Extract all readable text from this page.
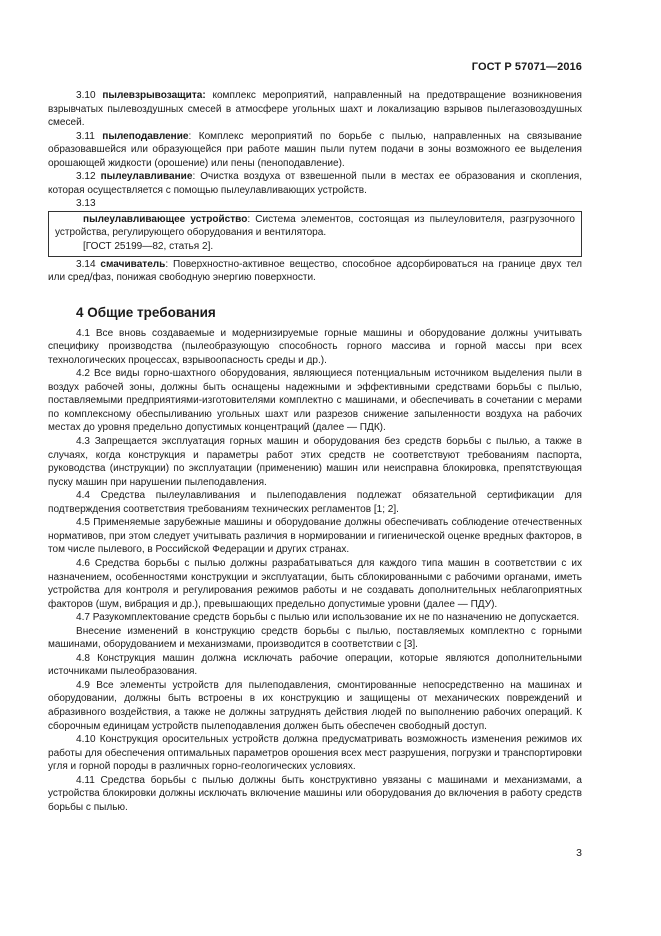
ГОСТ Р 57071—2016

3.10 пылевзрывозащита: комплекс мероприятий, направленный на предотвращение возникновения взрывчатых пылевоздушных смесей в атмосфере угольных шахт и локализацию взрывов пылегазовоздушных смесей.

3.11 пылеподавление: Комплекс мероприятий по борьбе с пылью, направленных на связывание образовавшейся или образующейся при работе машин пыли путем подачи в зоны возможного ее выделения орошающей жидкости (орошение) или пены (пеноподавление).

3.12 пылеулавливание: Очистка воздуха от взвешенной пыли в местах ее образования и скопления, которая осуществляется с помощью пылеулавливающих устройств.

3.13

пылеулавливающее устройство: Система элементов, состоящая из пылеуловителя, разгрузочного устройства, регулирующего оборудования и вентилятора.

[ГОСТ 25199—82, статья 2].

3.14 смачиватель: Поверхностно-активное вещество, способное адсорбироваться на границе двух тел или сред/фаз, понижая свободную энергию поверхности.

4 Общие требования

4.1 Все вновь создаваемые и модернизируемые горные машины и оборудование должны учитывать специфику производства (пылеобразующую способность горного массива и горной массы при всех технологических процессах, взрывоопасность среды и др.).

4.2 Все виды горно-шахтного оборудования, являющиеся потенциальным источником выделения пыли в воздух рабочей зоны, должны быть оснащены надежными и эффективными средствами борьбы с пылью, поставляемыми предприятиями-изготовителями комплектно с машинами, и обеспечивать в сочетании с мерами по комплексному обеспыливанию угольных шахт или разрезов снижение запыленности воздуха на рабочих местах до уровня предельно допустимых концентраций (далее — ПДК).

4.3 Запрещается эксплуатация горных машин и оборудования без средств борьбы с пылью, а также в случаях, когда конструкция и параметры работ этих средств не соответствуют требованиям паспорта, руководства (инструкции) по эксплуатации (применению) машин или неисправна блокировка, препятствующая пуску машин при нарушении пылеподавления.

4.4 Средства пылеулавливания и пылеподавления подлежат обязательной сертификации для подтверждения соответствия требованиям технических регламентов [1; 2].

4.5 Применяемые зарубежные машины и оборудование должны обеспечивать соблюдение отечественных нормативов, при этом следует учитывать различия в нормировании и гигиенической оценке вредных факторов, в том числе пылевого, в Российской Федерации и других странах.

4.6 Средства борьбы с пылью должны разрабатываться для каждого типа машин в соответствии с их назначением, особенностями конструкции и эксплуатации, быть сблокированными с рабочими органами, иметь устройства для контроля и регулирования режимов работы и не создавать дополнительных неблагоприятных факторов (шум, вибрация и др.), превышающих предельно допустимые уровни (далее — ПДУ).

4.7 Разукомплектование средств борьбы с пылью или использование их не по назначению не допускается.

Внесение изменений в конструкцию средств борьбы с пылью, поставляемых комплектно с горными машинами, оборудованием и механизмами, производится в соответствии с [3].

4.8 Конструкция машин должна исключать рабочие операции, которые являются дополнительными источниками пылеобразования.

4.9 Все элементы устройств для пылеподавления, смонтированные непосредственно на машинах и оборудовании, должны быть встроены в их конструкцию и защищены от механических повреждений и абразивного воздействия, а также не должны затруднять действия людей по выполнению рабочих операций. К сборочным единицам устройств пылеподавления должен быть обеспечен свободный доступ.

4.10 Конструкция оросительных устройств должна предусматривать возможность изменения режимов их работы для обеспечения оптимальных параметров орошения всех мест разрушения, погрузки и транспортировки угля и горной породы в различных горно-геологических условиях.

4.11 Средства борьбы с пылью должны быть конструктивно увязаны с машинами и механизмами, а устройства блокировки должны исключать включение машины или оборудования до включения в работу средств борьбы с пылью.

3
